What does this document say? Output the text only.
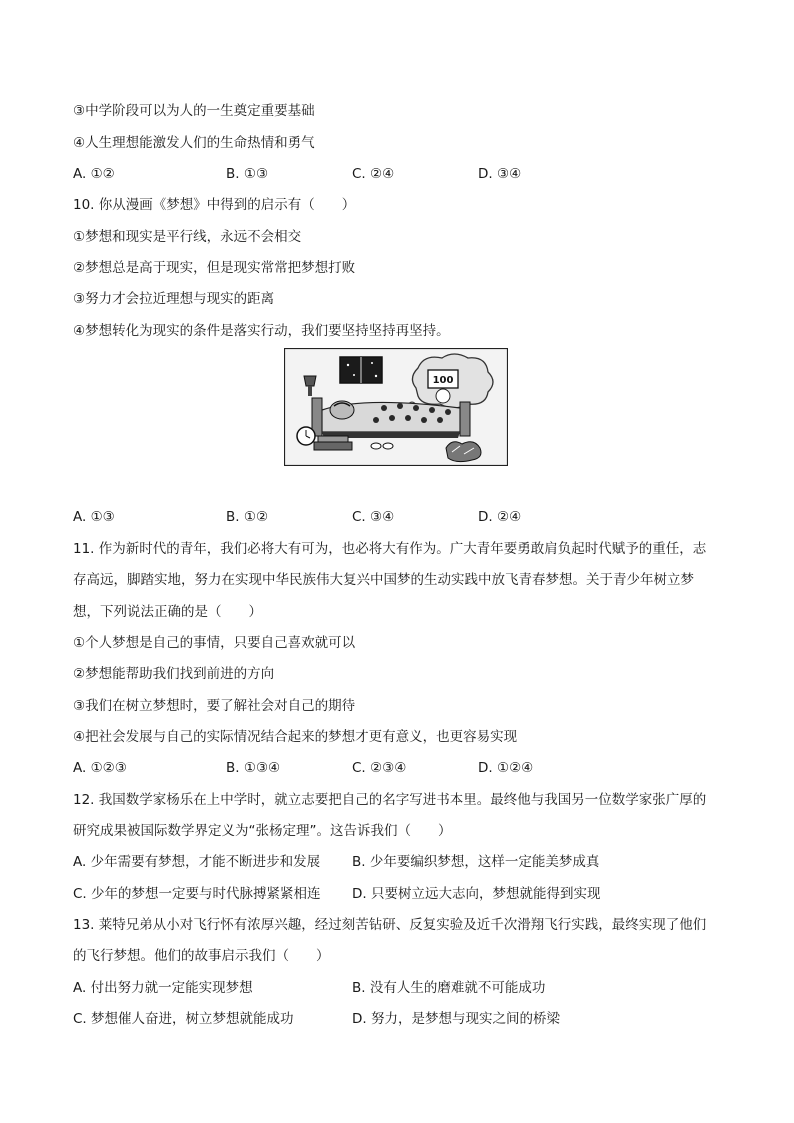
③中学阶段可以为人的一生奠定重要基础
④人生理想能激发人们的生命热情和勇气
A. ①②	B. ①③	C. ②④	D. ③④
10. 你从漫画《梦想》中得到的启示有（　　）
①梦想和现实是平行线，永远不会相交
②梦想总是高于现实，但是现实常常把梦想打败
③努力才会拉近理想与现实的距离
④梦想转化为现实的条件是落实行动，我们要坚持坚持再坚持。
100
A. ①③	B. ①②	C. ③④	D. ②④
11. 作为新时代的青年，我们必将大有可为，也必将大有作为。广大青年要勇敢肩负起时代赋予的重任，志
存高远，脚踏实地，努力在实现中华民族伟大复兴中国梦的生动实践中放飞青春梦想。关于青少年树立梦
想，下列说法正确的是（　　）
①个人梦想是自己的事情，只要自己喜欢就可以
②梦想能帮助我们找到前进的方向
③我们在树立梦想时，要了解社会对自己的期待
④把社会发展与自己的实际情况结合起来的梦想才更有意义，也更容易实现
A. ①②③	B. ①③④	C. ②③④	D. ①②④
12. 我国数学家杨乐在上中学时，就立志要把自己的名字写进书本里。最终他与我国另一位数学家张广厚的
研究成果被国际数学界定义为“张杨定理”。这告诉我们（　　）
A. 少年需要有梦想，才能不断进步和发展 B. 少年要编织梦想，这样一定能美梦成真
C. 少年的梦想一定要与时代脉搏紧紧相连 D. 只要树立远大志向，梦想就能得到实现
13. 莱特兄弟从小对飞行怀有浓厚兴趣，经过刻苦钻研、反复实验及近千次滑翔飞行实践，最终实现了他们
的飞行梦想。他们的故事启示我们（　　）
A. 付出努力就一定能实现梦想	B. 没有人生的磨难就不可能成功
C. 梦想催人奋进，树立梦想就能成功	D. 努力，是梦想与现实之间的桥梁
